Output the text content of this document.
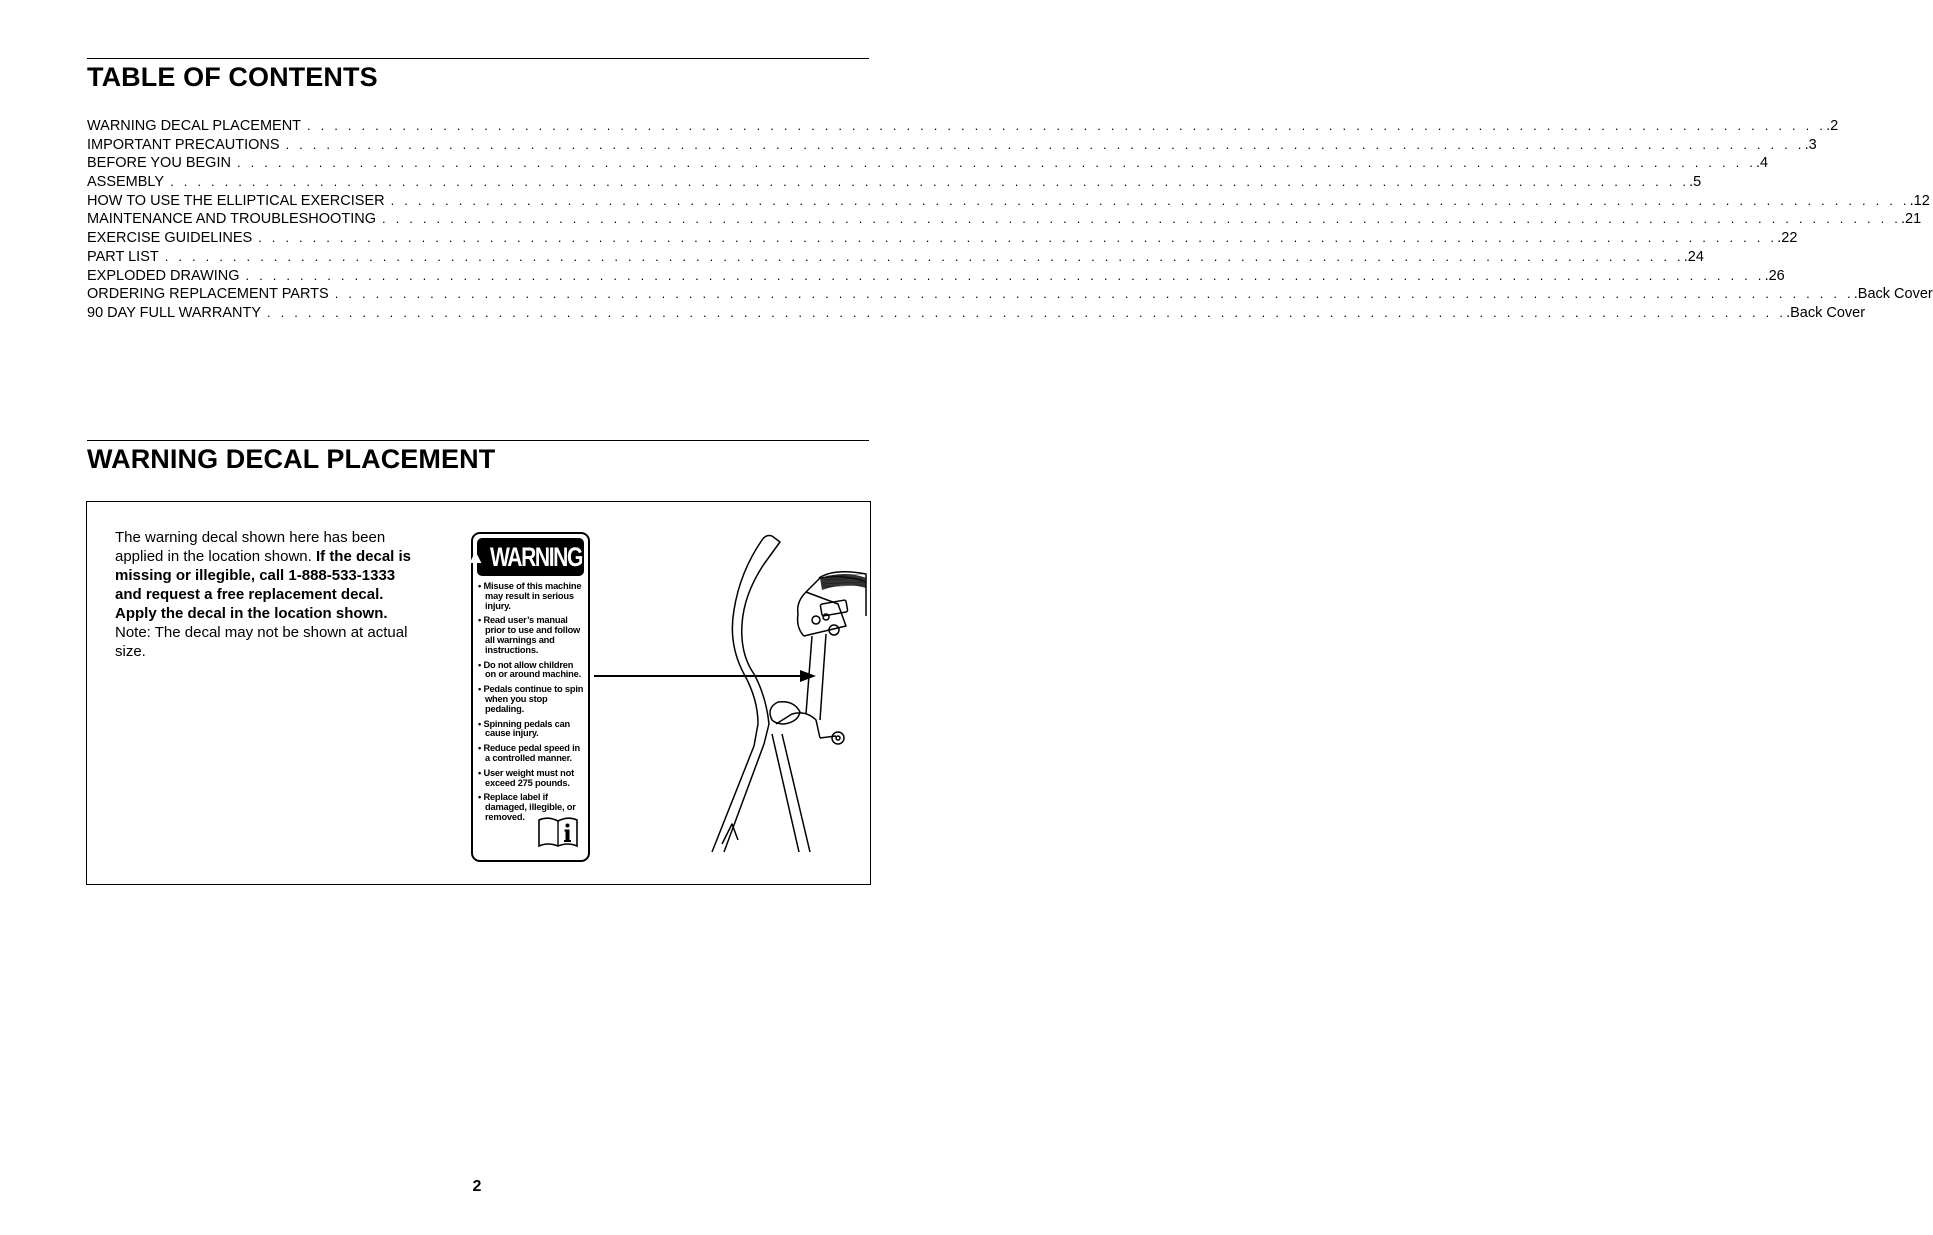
TABLE OF CONTENTS
WARNING DECAL PLACEMENT . . . . . . . . . . . . . . . . . . . . . . . . . . . . . . . . . . . . . . . . . . . . . . . . . . . . . . . . . . . . . . . . . . . . . . . . . . . . . . . . . . . . . . . . . . . . . . . . . . . . . . . . . . . . . . . . .2
IMPORTANT PRECAUTIONS . . . . . . . . . . . . . . . . . . . . . . . . . . . . . . . . . . . . . . . . . . . . . . . . . . . . . . . . . . . . . . . . . . . . . . . . . . . . . . . . . . . . . . . . . . . . . . . . . . . . . . . . . . . . . . . . .3
BEFORE YOU BEGIN . . . . . . . . . . . . . . . . . . . . . . . . . . . . . . . . . . . . . . . . . . . . . . . . . . . . . . . . . . . . . . . . . . . . . . . . . . . . . . . . . . . . . . . . . . . . . . . . . . . . . . . . . . . . . . . . .4
ASSEMBLY . . . . . . . . . . . . . . . . . . . . . . . . . . . . . . . . . . . . . . . . . . . . . . . . . . . . . . . . . . . . . . . . . . . . . . . . . . . . . . . . . . . . . . . . . . . . . . . . . . . . . . . . . . . . . . . . .5
HOW TO USE THE ELLIPTICAL EXERCISER . . . . . . . . . . . . . . . . . . . . . . . . . . . . . . . . . . . . . . . . . . . . . . . . . . . . . . . . . . . . . . . . . . . . . . . . . . . . . . . . . . . . . . . . . . . . . . . . . . . . . . . . . . . . . . . . .12
MAINTENANCE AND TROUBLESHOOTING . . . . . . . . . . . . . . . . . . . . . . . . . . . . . . . . . . . . . . . . . . . . . . . . . . . . . . . . . . . . . . . . . . . . . . . . . . . . . . . . . . . . . . . . . . . . . . . . . . . . . . . . . . . . . . . . .21
EXERCISE GUIDELINES . . . . . . . . . . . . . . . . . . . . . . . . . . . . . . . . . . . . . . . . . . . . . . . . . . . . . . . . . . . . . . . . . . . . . . . . . . . . . . . . . . . . . . . . . . . . . . . . . . . . . . . . . . . . . . . . .22
PART LIST . . . . . . . . . . . . . . . . . . . . . . . . . . . . . . . . . . . . . . . . . . . . . . . . . . . . . . . . . . . . . . . . . . . . . . . . . . . . . . . . . . . . . . . . . . . . . . . . . . . . . . . . . . . . . . . . .24
EXPLODED DRAWING . . . . . . . . . . . . . . . . . . . . . . . . . . . . . . . . . . . . . . . . . . . . . . . . . . . . . . . . . . . . . . . . . . . . . . . . . . . . . . . . . . . . . . . . . . . . . . . . . . . . . . . . . . . . . . . . .26
ORDERING REPLACEMENT PARTS . . . . . . . . . . . . . . . . . . . . . . . . . . . . . . . . . . . . . . . . . . . . . . . . . . . . . . . . . . . . . . . . . . . . . . . . . . . . . . . . . . . . . . . . . . . . . . . . . . . . . . . . . . . . . . . . .Back Cover
90 DAY FULL WARRANTY . . . . . . . . . . . . . . . . . . . . . . . . . . . . . . . . . . . . . . . . . . . . . . . . . . . . . . . . . . . . . . . . . . . . . . . . . . . . . . . . . . . . . . . . . . . . . . . . . . . . . . . . . . . . . . . . .Back Cover
WARNING DECAL PLACEMENT

The warning decal shown here has been applied in the location shown. If the decal is missing or illegible, call 1-888-533-1333 and request a free replacement decal. Apply the decal in the location shown. Note: The decal may not be shown at actual size.

▲ WARNING
• Misuse of this machine may result in serious injury.
• Read user’s manual prior to use and follow all warnings and instructions.
• Do not allow children on or around machine.
• Pedals continue to spin when you stop pedaling.
• Spinning pedals can cause injury.
• Reduce pedal speed in a controlled manner.
• User weight must not exceed 275 pounds.
• Replace label if damaged, illegible, or removed.
2
